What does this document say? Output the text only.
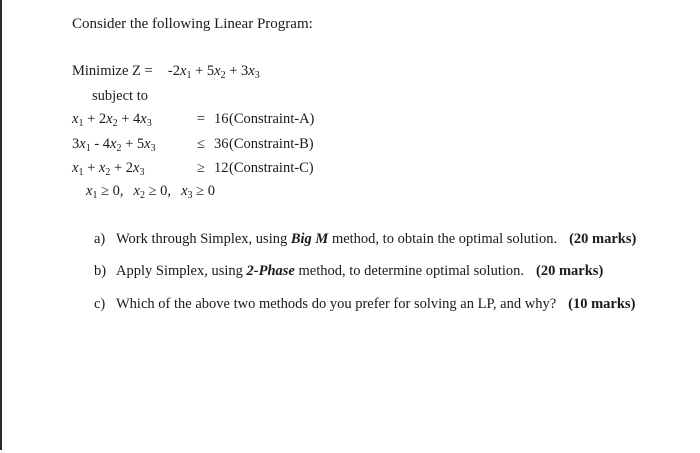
Consider the following Linear Program:
Minimize $Z = -2x_1 + 5x_2 + 3x_3$
subject to
$x_1 + 2x_2 + 4x_3$	= 16 (Constraint-A)
$3x_1 - 4x_2 + 5x_3$	≤ 36 (Constraint-B)
$x_1 + x_2 + 2x_3$	≥ 12 (Constraint-C)
$x_1 \ge 0$, $x_2 \ge 0$, $x_3 \ge 0$
a) Work through Simplex, using Big M method, to obtain the optimal solution. (20 marks)
b) Apply Simplex, using 2-Phase method, to determine optimal solution. (20 marks)
c) Which of the above two methods do you prefer for solving an LP, and why? (10 marks)
